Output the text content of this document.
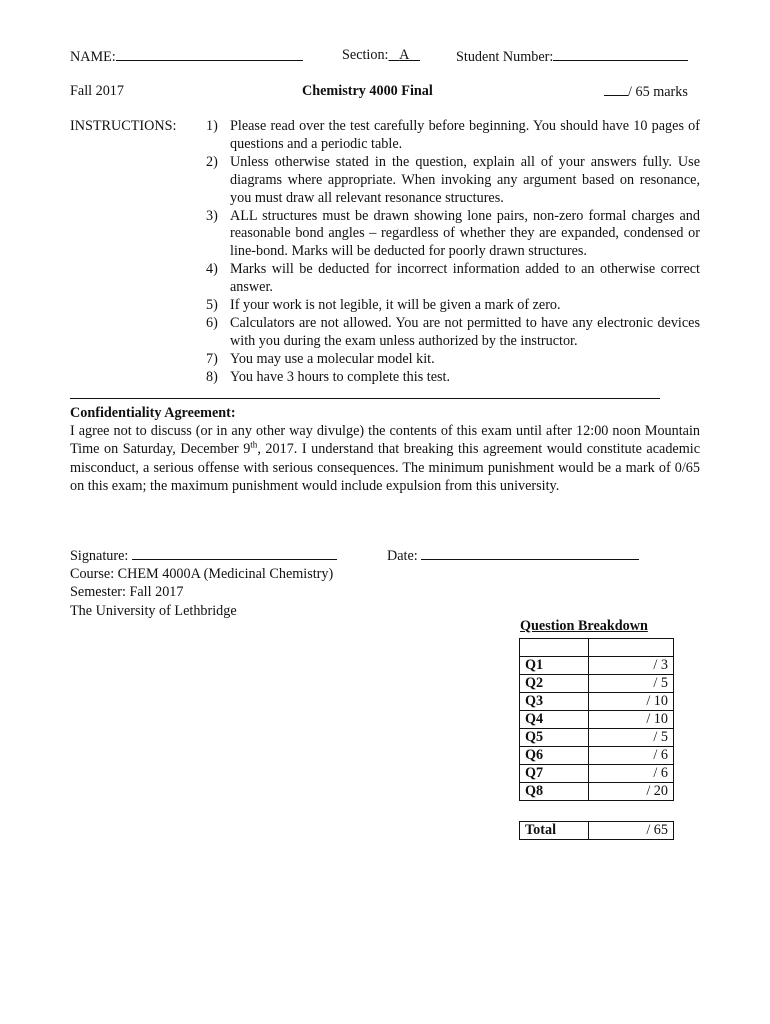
NAME:	Section: A	Student Number:
Fall 2017	Chemistry 4000 Final	/ 65 marks
INSTRUCTIONS: 1) Please read over the test carefully before beginning. You should have 10 pages of questions and a periodic table.
2) Unless otherwise stated in the question, explain all of your answers fully. Use diagrams where appropriate. When invoking any argument based on resonance, you must draw all relevant resonance structures.
3) ALL structures must be drawn showing lone pairs, non-zero formal charges and reasonable bond angles – regardless of whether they are expanded, condensed or line-bond. Marks will be deducted for poorly drawn structures.
4) Marks will be deducted for incorrect information added to an otherwise correct answer.
5) If your work is not legible, it will be given a mark of zero.
6) Calculators are not allowed. You are not permitted to have any electronic devices with you during the exam unless authorized by the instructor.
7) You may use a molecular model kit.
8) You have 3 hours to complete this test.
Confidentiality Agreement:
I agree not to discuss (or in any other way divulge) the contents of this exam until after 12:00 noon Mountain Time on Saturday, December 9th, 2017. I understand that breaking this agreement would constitute academic misconduct, a serious offense with serious consequences. The minimum punishment would be a mark of 0/65 on this exam; the maximum punishment would include expulsion from this university.
Signature:	Date:
Course: CHEM 4000A (Medicinal Chemistry)
Semester: Fall 2017
The University of Lethbridge
Question Breakdown

Q1	/ 3
Q2	/ 5
Q3	/ 10
Q4	/ 10
Q5	/ 5
Q6	/ 6
Q7	/ 6
Q8	/ 20
Total	/ 65
